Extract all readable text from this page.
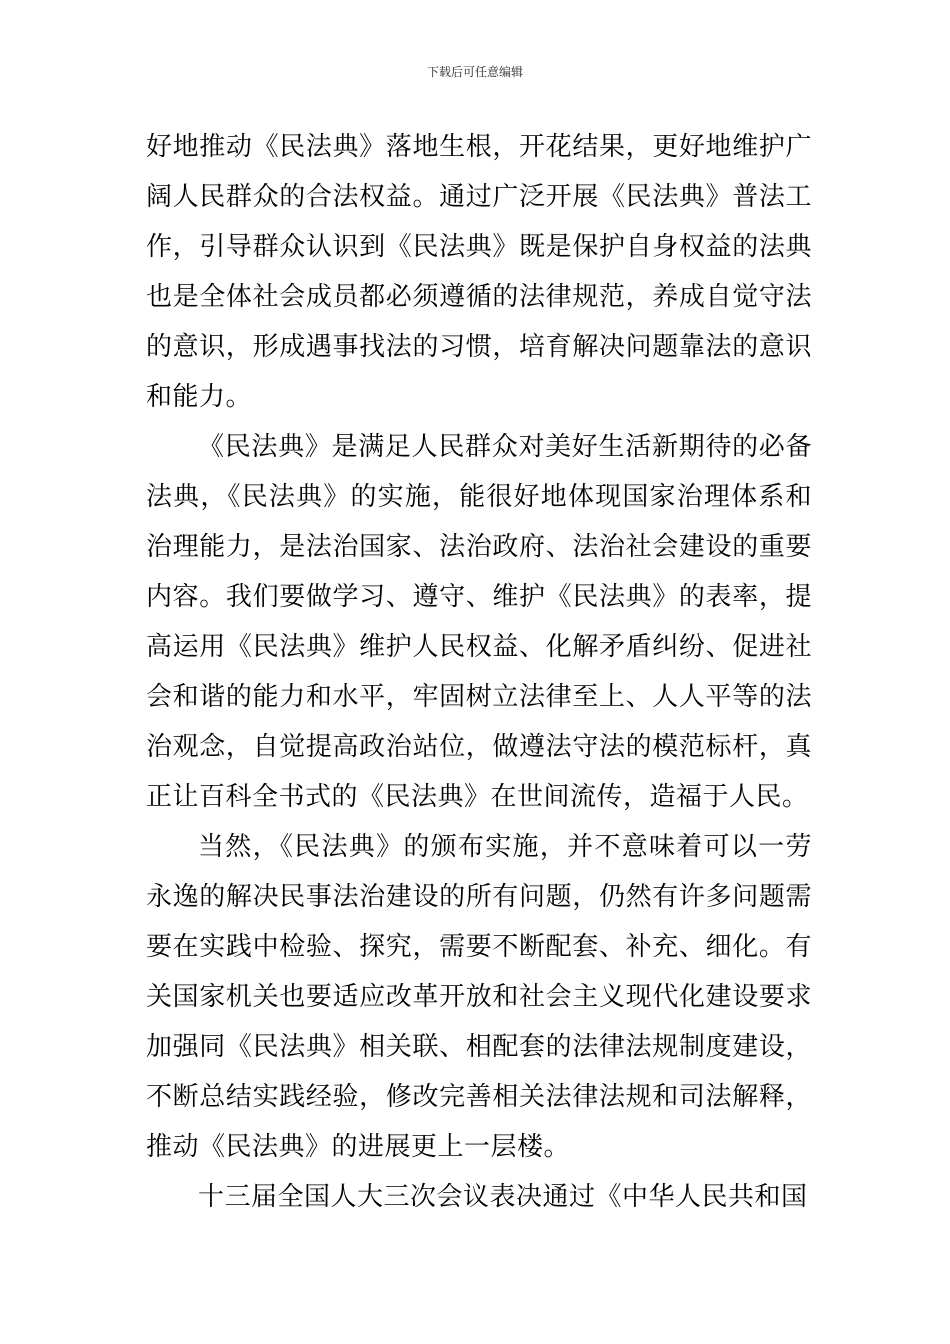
下载后可任意编辑

好地推动《民法典》落地生根，开花结果，更好地维护广阔人民群众的合法权益。通过广泛开展《民法典》普法工作，引导群众认识到《民法典》既是保护自身权益的法典也是全体社会成员都必须遵循的法律规范，养成自觉守法的意识，形成遇事找法的习惯，培育解决问题靠法的意识和能力。

《民法典》是满足人民群众对美好生活新期待的必备法典，《民法典》的实施，能很好地体现国家治理体系和治理能力，是法治国家、法治政府、法治社会建设的重要内容。我们要做学习、遵守、维护《民法典》的表率，提高运用《民法典》维护人民权益、化解矛盾纠纷、促进社会和谐的能力和水平，牢固树立法律至上、人人平等的法治观念，自觉提高政治站位，做遵法守法的模范标杆，真正让百科全书式的《民法典》在世间流传，造福于人民。

当然，《民法典》的颁布实施，并不意味着可以一劳永逸的解决民事法治建设的所有问题，仍然有许多问题需要在实践中检验、探究，需要不断配套、补充、细化。有关国家机关也要适应改革开放和社会主义现代化建设要求加强同《民法典》相关联、相配套的法律法规制度建设，不断总结实践经验，修改完善相关法律法规和司法解释，推动《民法典》的进展更上一层楼。

十三届全国人大三次会议表决通过《中华人民共和国
